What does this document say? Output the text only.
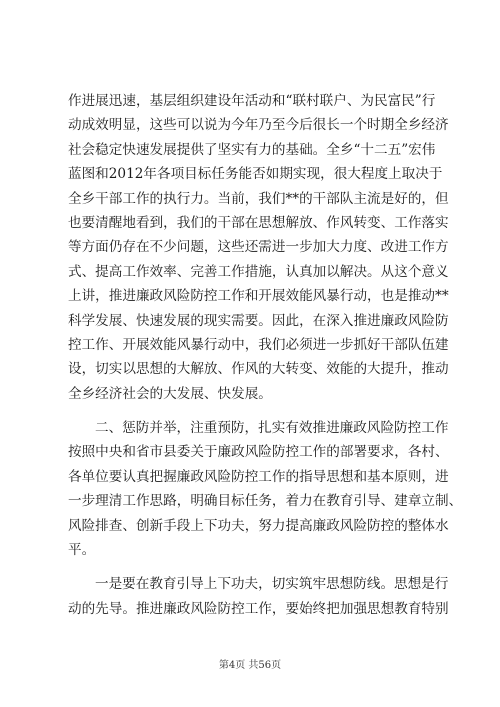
作进展迅速，基层组织建设年活动和“联村联户、为民富民”行
动成效明显，这些可以说为今年乃至今后很长一个时期全乡经济
社会稳定快速发展提供了坚实有力的基础。全乡“十二五”宏伟
蓝图和2012年各项目标任务能否如期实现，很大程度上取决于
全乡干部工作的执行力。当前，我们**的干部队主流是好的，但
也要清醒地看到，我们的干部在思想解放、作风转变、工作落实
等方面仍存在不少问题，这些还需进一步加大力度、改进工作方
式、提高工作效率、完善工作措施，认真加以解决。从这个意义
上讲，推进廉政风险防控工作和开展效能风暴行动，也是推动**
科学发展、快速发展的现实需要。因此，在深入推进廉政风险防
控工作、开展效能风暴行动中，我们必须进一步抓好干部队伍建
设，切实以思想的大解放、作风的大转变、效能的大提升，推动
全乡经济社会的大发展、快发展。
二、惩防并举，注重预防，扎实有效推进廉政风险防控工作
按照中央和省市县委关于廉政风险防控工作的部署要求，各村、
各单位要认真把握廉政风险防控工作的指导思想和基本原则，进
一步理清工作思路，明确目标任务，着力在教育引导、建章立制、
风险排查、创新手段上下功夫，努力提高廉政风险防控的整体水
平。
一是要在教育引导上下功夫，切实筑牢思想防线。思想是行
动的先导。推进廉政风险防控工作，要始终把加强思想教育特别
第4页 共56页
